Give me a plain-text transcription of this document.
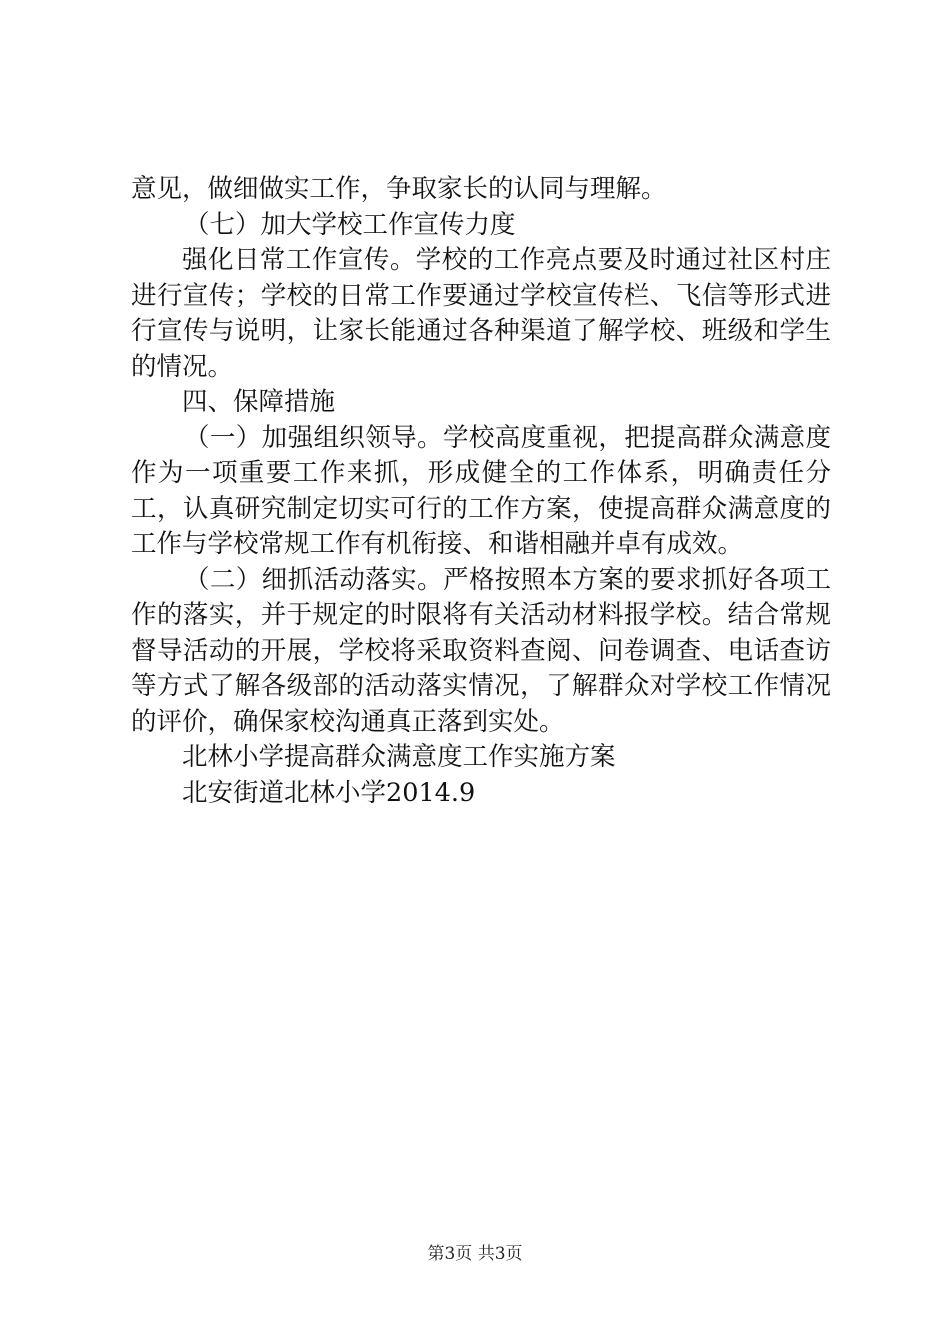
意见，做细做实工作，争取家长的认同与理解。

（七）加大学校工作宣传力度

强化日常工作宣传。学校的工作亮点要及时通过社区村庄进行宣传；学校的日常工作要通过学校宣传栏、飞信等形式进行宣传与说明，让家长能通过各种渠道了解学校、班级和学生的情况。

四、保障措施

（一）加强组织领导。学校高度重视，把提高群众满意度作为一项重要工作来抓，形成健全的工作体系，明确责任分工，认真研究制定切实可行的工作方案，使提高群众满意度的工作与学校常规工作有机衔接、和谐相融并卓有成效。

（二）细抓活动落实。严格按照本方案的要求抓好各项工作的落实，并于规定的时限将有关活动材料报学校。结合常规督导活动的开展，学校将采取资料查阅、问卷调查、电话查访等方式了解各级部的活动落实情况，了解群众对学校工作情况的评价，确保家校沟通真正落到实处。

北林小学提高群众满意度工作实施方案

北安街道北林小学2014.9

第3页 共3页
